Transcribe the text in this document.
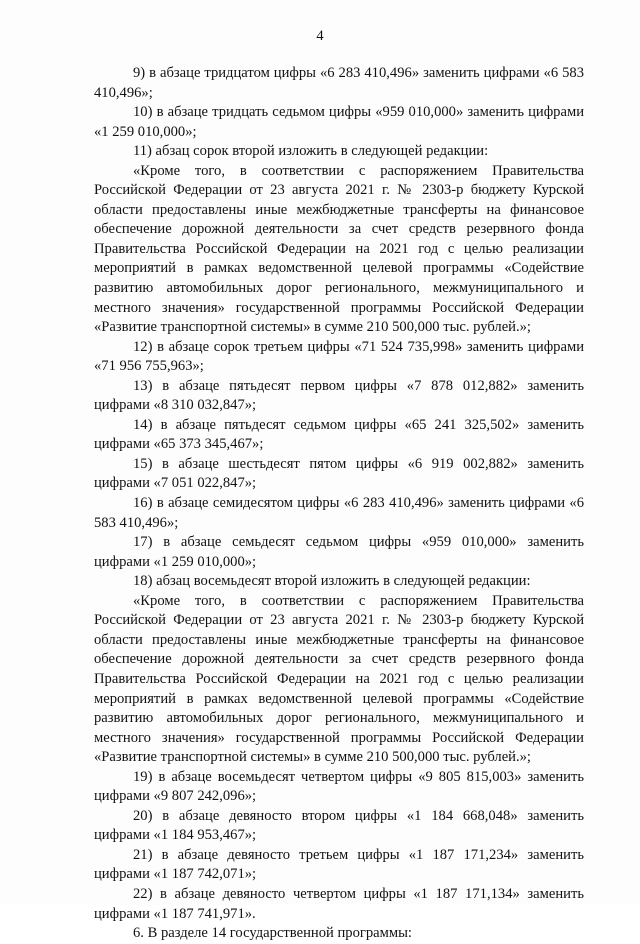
4

9) в абзаце тридцатом цифры «6 283 410,496» заменить цифрами «6 583 410,496»;

10) в абзаце тридцать седьмом цифры «959 010,000» заменить цифрами «1 259 010,000»;

11) абзац сорок второй изложить в следующей редакции:

«Кроме того, в соответствии с распоряжением Правительства Российской Федерации от 23 августа 2021 г. № 2303-р бюджету Курской области предоставлены иные межбюджетные трансферты на финансовое обеспечение дорожной деятельности за счет средств резервного фонда Правительства Российской Федерации на 2021 год с целью реализации мероприятий в рамках ведомственной целевой программы «Содействие развитию автомобильных дорог регионального, межмуниципального и местного значения» государственной программы Российской Федерации «Развитие транспортной системы» в сумме 210 500,000 тыс. рублей.»;

12) в абзаце сорок третьем цифры «71 524 735,998» заменить цифрами «71 956 755,963»;

13) в абзаце пятьдесят первом цифры «7 878 012,882» заменить цифрами «8 310 032,847»;

14) в абзаце пятьдесят седьмом цифры «65 241 325,502» заменить цифрами «65 373 345,467»;

15) в абзаце шестьдесят пятом цифры «6 919 002,882» заменить цифрами «7 051 022,847»;

16) в абзаце семидесятом цифры «6 283 410,496» заменить цифрами «6 583 410,496»;

17) в абзаце семьдесят седьмом цифры «959 010,000» заменить цифрами «1 259 010,000»;

18) абзац восемьдесят второй изложить в следующей редакции:

«Кроме того, в соответствии с распоряжением Правительства Российской Федерации от 23 августа 2021 г. № 2303-р бюджету Курской области предоставлены иные межбюджетные трансферты на финансовое обеспечение дорожной деятельности за счет средств резервного фонда Правительства Российской Федерации на 2021 год с целью реализации мероприятий в рамках ведомственной целевой программы «Содействие развитию автомобильных дорог регионального, межмуниципального и местного значения» государственной программы Российской Федерации «Развитие транспортной системы» в сумме 210 500,000 тыс. рублей.»;

19) в абзаце восемьдесят четвертом цифры «9 805 815,003» заменить цифрами «9 807 242,096»;

20) в абзаце девяносто втором цифры «1 184 668,048» заменить цифрами «1 184 953,467»;

21) в абзаце девяносто третьем цифры «1 187 171,234» заменить цифрами «1 187 742,071»;

22) в абзаце девяносто четвертом цифры «1 187 171,134» заменить цифрами «1 187 741,971».

6. В разделе 14 государственной программы:
